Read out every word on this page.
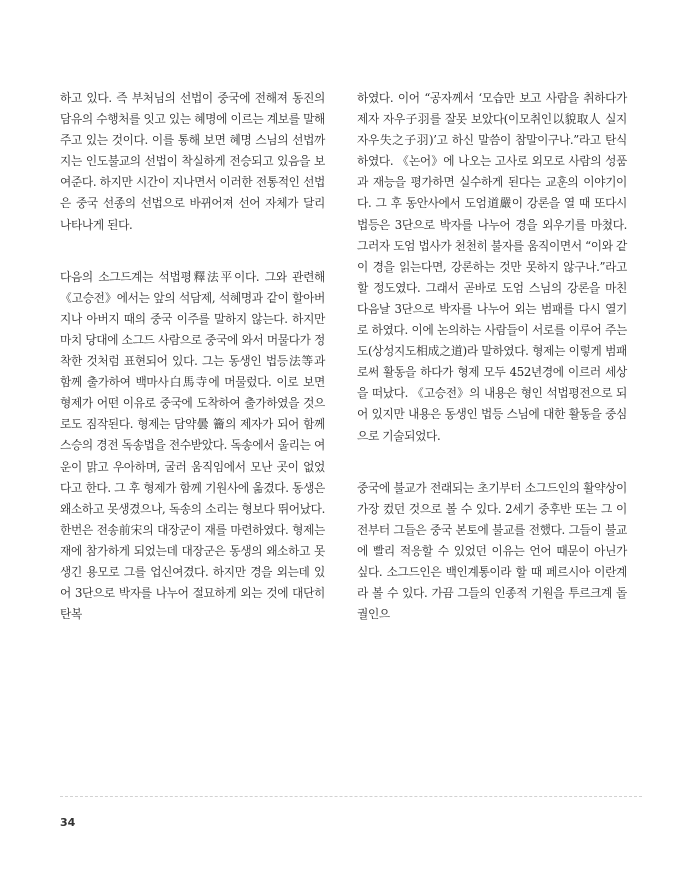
하고 있다. 즉 부처님의 선법이 중국에 전해져 동진의 담유의 수행처를 잇고 있는 혜명에 이르는 계보를 말해 주고 있는 것이다. 이를 통해 보면 혜명 스님의 선법까지는 인도불교의 선법이 착실하게 전승되고 있음을 보여준다. 하지만 시간이 지나면서 이러한 전통적인 선법은 중국 선종의 선법으로 바뀌어져 선어 자체가 달리 나타나게 된다.

다음의 소그드계는 석법평釋法平이다. 그와 관련해 《고승전》에서는 앞의 석담제, 석혜명과 같이 할아버지나 아버지 때의 중국 이주를 말하지 않는다. 하지만 마치 당대에 소그드 사람으로 중국에 와서 머물다가 정착한 것처럼 표현되어 있다. 그는 동생인 법등法等과 함께 출가하여 백마사白馬寺에 머물렀다. 이로 보면 형제가 어떤 이유로 중국에 도착하여 출가하였을 것으로도 짐작된다. 형제는 담약曇 籥의 제자가 되어 함께 스승의 경전 독송법을 전수받았다. 독송에서 울리는 여운이 맑고 우아하며, 굴러 움직임에서 모난 곳이 없었다고 한다. 그 후 형제가 함께 기원사에 옮겼다. 동생은 왜소하고 못생겼으나, 독송의 소리는 형보다 뛰어났다. 한번은 전송前宋의 대장군이 재를 마련하였다. 형제는 재에 참가하게 되었는데 대장군은 동생의 왜소하고 못 생긴 용모로 그를 업신여겼다. 하지만 경을 외는데 있어 3단으로 박자를 나누어 절묘하게 외는 것에 대단히 탄복

하였다. 이어 “공자께서 ‘모습만 보고 사람을 취하다가 제자 자우子羽를 잘못 보았다(이모취인以貌取人 실지자우失之子羽)’고 하신 말씀이 참말이구나.”라고 탄식하였다. 《논어》에 나오는 고사로 외모로 사람의 성품과 재능을 평가하면 실수하게 된다는 교훈의 이야기이다. 그 후 동안사에서 도엄道嚴이 강론을 열 때 또다시 법등은 3단으로 박자를 나누어 경을 외우기를 마쳤다. 그러자 도엄 법사가 천천히 불자를 움직이면서 “이와 같이 경을 읽는다면, 강론하는 것만 못하지 않구나.”라고 할 정도였다. 그래서 곧바로 도엄 스님의 강론을 마친 다음날 3단으로 박자를 나누어 외는 범패를 다시 열기로 하였다. 이에 논의하는 사람들이 서로를 이루어 주는 도(상성지도相成之道)라 말하였다. 형제는 이렇게 범패로써 활동을 하다가 형제 모두 452년경에 이르러 세상을 떠났다. 《고승전》의 내용은 형인 석법평전으로 되어 있지만 내용은 동생인 법등 스님에 대한 활동을 중심으로 기술되었다.

중국에 불교가 전래되는 초기부터 소그드인의 활약상이 가장 컸던 것으로 볼 수 있다. 2세기 중후반 또는 그 이전부터 그들은 중국 본토에 불교를 전했다. 그들이 불교에 빨리 적응할 수 있었던 이유는 언어 때문이 아닌가 싶다. 소그드인은 백인계통이라 할 때 페르시아 이란계라 볼 수 있다. 가끔 그들의 인종적 기원을 투르크계 돌궐인으

34
